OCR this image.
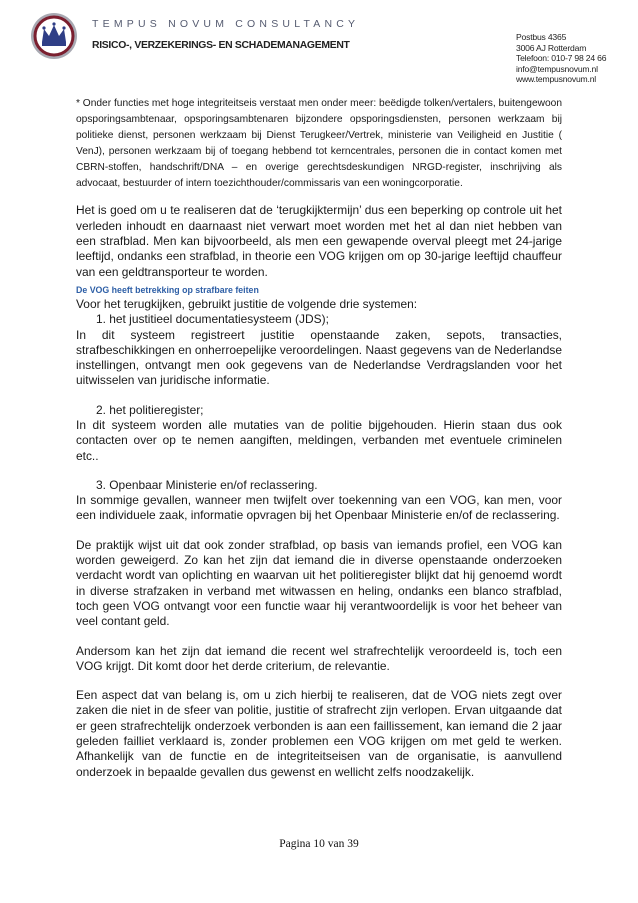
TEMPUS NOVUM CONSULTANCY
RISICO-, VERZEKERINGS- EN SCHADEMANAGEMENT
Postbus 4365
3006 AJ Rotterdam
Telefoon: 010-7 98 24 66
info@tempusnovum.nl
www.tempusnovum.nl

* Onder functies met hoge integriteitseis verstaat men onder meer: beëdigde tolken/vertalers, buitengewoon opsporingsambtenaar, opsporingsambtenaren bijzondere opsporingsdiensten, personen werkzaam bij politieke dienst, personen werkzaam bij Dienst Terugkeer/Vertrek, ministerie van Veiligheid en Justitie ( VenJ), personen werkzaam bij of toegang hebbend tot kerncentrales, personen die in contact komen met CBRN-stoffen, handschrift/DNA – en overige gerechtsdeskundigen NRGD-register, inschrijving als advocaat, bestuurder of intern toezichthouder/commissaris van een woningcorporatie.

Het is goed om u te realiseren dat de ‘terugkijktermijn’ dus een beperking op controle uit het verleden inhoudt en daarnaast niet verwart moet worden met het al dan niet hebben van een strafblad. Men kan bijvoorbeeld, als men een gewapende overval pleegt met 24-jarige leeftijd, ondanks een strafblad, in theorie een VOG krijgen om op 30-jarige leeftijd chauffeur van een geldtransporteur te worden.

De VOG heeft betrekking op strafbare feiten

Voor het terugkijken, gebruikt justitie de volgende drie systemen:

1. het justitieel documentatiesysteem (JDS);

In dit systeem registreert justitie openstaande zaken, sepots, transacties, strafbeschikkingen en onherroepelijke veroordelingen. Naast gegevens van de Nederlandse instellingen, ontvangt men ook gegevens van de Nederlandse Verdragslanden voor het uitwisselen van juridische informatie.

2. het politieregister;

In dit systeem worden alle mutaties van de politie bijgehouden. Hierin staan dus ook contacten over op te nemen aangiften, meldingen, verbanden met eventuele criminelen etc..

3. Openbaar Ministerie en/of reclassering.

In sommige gevallen, wanneer men twijfelt over toekenning van een VOG, kan men, voor een individuele zaak, informatie opvragen bij het Openbaar Ministerie en/of de reclassering.

De praktijk wijst uit dat ook zonder strafblad, op basis van iemands profiel, een VOG kan worden geweigerd. Zo kan het zijn dat iemand die in diverse openstaande onderzoeken verdacht wordt van oplichting en waarvan uit het politieregister blijkt dat hij genoemd wordt in diverse strafzaken in verband met witwassen en heling, ondanks een blanco strafblad, toch geen VOG ontvangt voor een functie waar hij verantwoordelijk is voor het beheer van veel contant geld.

Andersom kan het zijn dat iemand die recent wel strafrechtelijk veroordeeld is, toch een VOG krijgt. Dit komt door het derde criterium, de relevantie.

Een aspect dat van belang is, om u zich hierbij te realiseren, dat de VOG niets zegt over zaken die niet in de sfeer van politie, justitie of strafrecht zijn verlopen. Ervan uitgaande dat er geen strafrechtelijk onderzoek verbonden is aan een faillissement, kan iemand die 2 jaar geleden failliet verklaard is, zonder problemen een VOG krijgen om met geld te werken. Afhankelijk van de functie en de integriteitseisen van de organisatie, is aanvullend onderzoek in bepaalde gevallen dus gewenst en wellicht zelfs noodzakelijk.

Pagina 10 van 39
